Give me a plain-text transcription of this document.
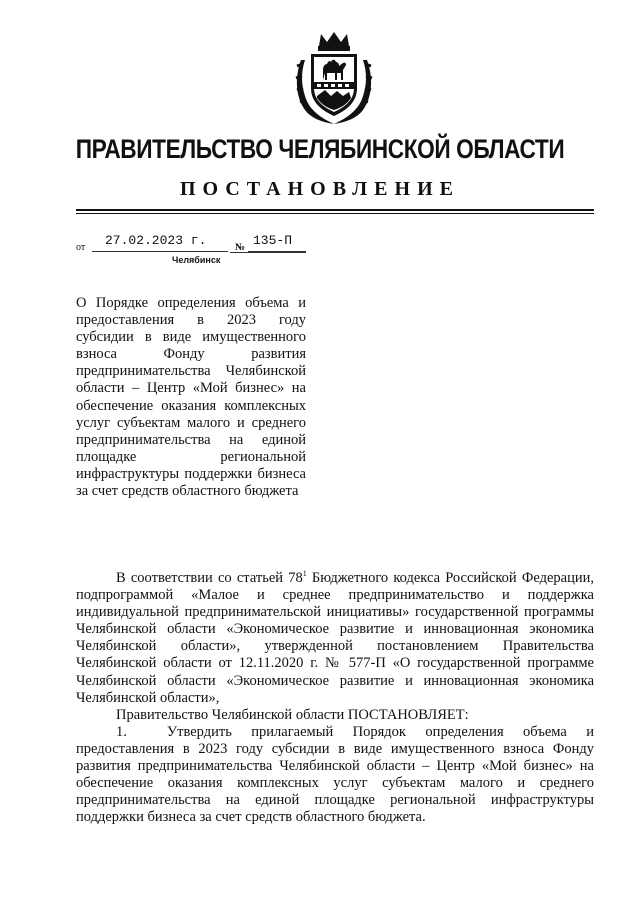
ПРАВИТЕЛЬСТВО ЧЕЛЯБИНСКОЙ ОБЛАСТИ
ПОСТАНОВЛЕНИЕ
от	27.02.2023 г.	№ 135-П
Челябинск
О Порядке определения объема и предоставления в 2023 году субсидии в виде имущественного взноса Фонду развития предпринимательства Челябинской области – Центр «Мой бизнес» на обеспечение оказания комплексных услуг субъектам малого и среднего предпринимательства на единой площадке региональной инфраструктуры поддержки бизнеса за счет средств областного бюджета

В соответствии со статьей $78^1$ Бюджетного кодекса Российской Федерации, подпрограммой «Малое и среднее предпринимательство и поддержка индивидуальной предпринимательской инициативы» государственной программы Челябинской области «Экономическое развитие и инновационная экономика Челябинской области», утвержденной постановлением Правительства Челябинской области от 12.11.2020 г. № 577-П «О государственной программе Челябинской области «Экономическое развитие и инновационная экономика Челябинской области»,

Правительство Челябинской области ПОСТАНОВЛЯЕТ:

1.	Утвердить прилагаемый Порядок определения объема и предоставления в 2023 году субсидии в виде имущественного взноса Фонду развития предпринимательства Челябинской области – Центр «Мой бизнес» на обеспечение оказания комплексных услуг субъектам малого и среднего предпринимательства на единой площадке региональной инфраструктуры поддержки бизнеса за счет средств областного бюджета.
